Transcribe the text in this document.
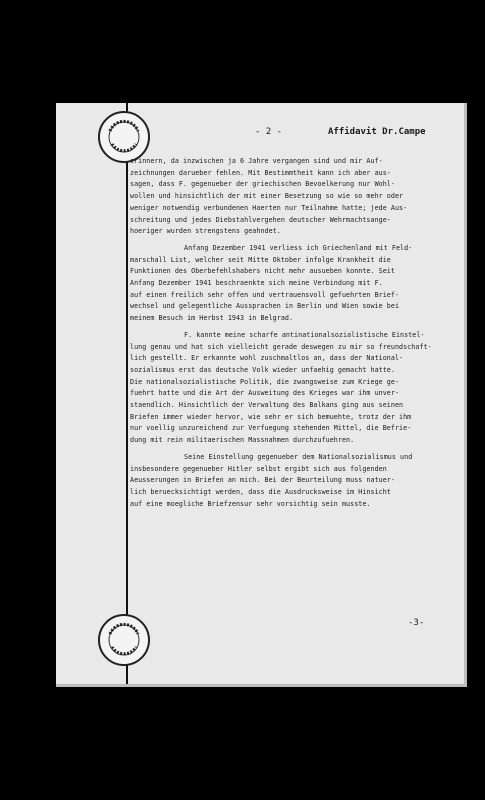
- 2 -	Affidavit Dr.Campe
erinnern, da inzwischen ja 6 Jahre vergangen sind und mir Auf-
zeichnungen darueber fehlen. Mit Bestimmtheit kann ich aber aus-
sagen, dass F. gegenueber der griechischen Bevoelkerung nur Wohl-
wollen und hinsichtlich der mit einer Besetzung so wie so mehr oder
weniger notwendig verbundenen Haerten nur Teilnahme hatte; jede Aus-
schreitung und jedes Diebstahlvergehen deutscher Wehrmachtsange-
hoeriger wurden strengstens geahndet.
Anfang Dezember 1941 verliess ich Griechenland mit Feld-
marschall List, welcher seit Mitte Oktober infolge Krankheit die
Funktionen des Oberbefehlshabers nicht mehr ausueben konnte. Seit
Anfang Dezember 1941 beschraenkte sich meine Verbindung mit F.
auf einen freilich sehr offen und vertrauensvoll gefuehrten Brief-
wechsel und gelegentliche Aussprachen in Berlin und Wien sowie bei
meinem Besuch im Herbst 1943 in Belgrad.
F. kannte meine scharfe antinationalsozialistische Einstel-
lung genau und hat sich vielleicht gerade deswegen zu mir so freundschaft-
lich gestellt. Er erkannte wohl zuschmaltlos an, dass der National-
sozialismus erst das deutsche Volk wieder unfaehig gemacht hatte.
Die nationalsozialistische Politik, die zwangsweise zum Kriege ge-
fuehrt hatte und die Art der Ausweitung des Krieges war ihm unver-
staendlich. Hinsichtlich der Verwaltung des Balkans ging aus seinen
Briefen immer wieder hervor, wie sehr er sich bemuehte, trotz der ihm
nur voellig unzureichend zur Verfuegung stehenden Mittel, die Befrie-
dung mit rein militaerischen Massnahmen durchzufuehren.
Seine Einstellung gegenueber dem Nationalsozialismus und
insbesondere gegenueber Hitler selbst ergibt sich aus folgenden
Aeusserungen in Briefen an mich. Bei der Beurteilung muss natuer-
lich beruecksichtigt werden, dass die Ausdrucksweise im Hinsicht
auf eine moegliche Briefzensur sehr vorsichtig sein musste.
-3-
